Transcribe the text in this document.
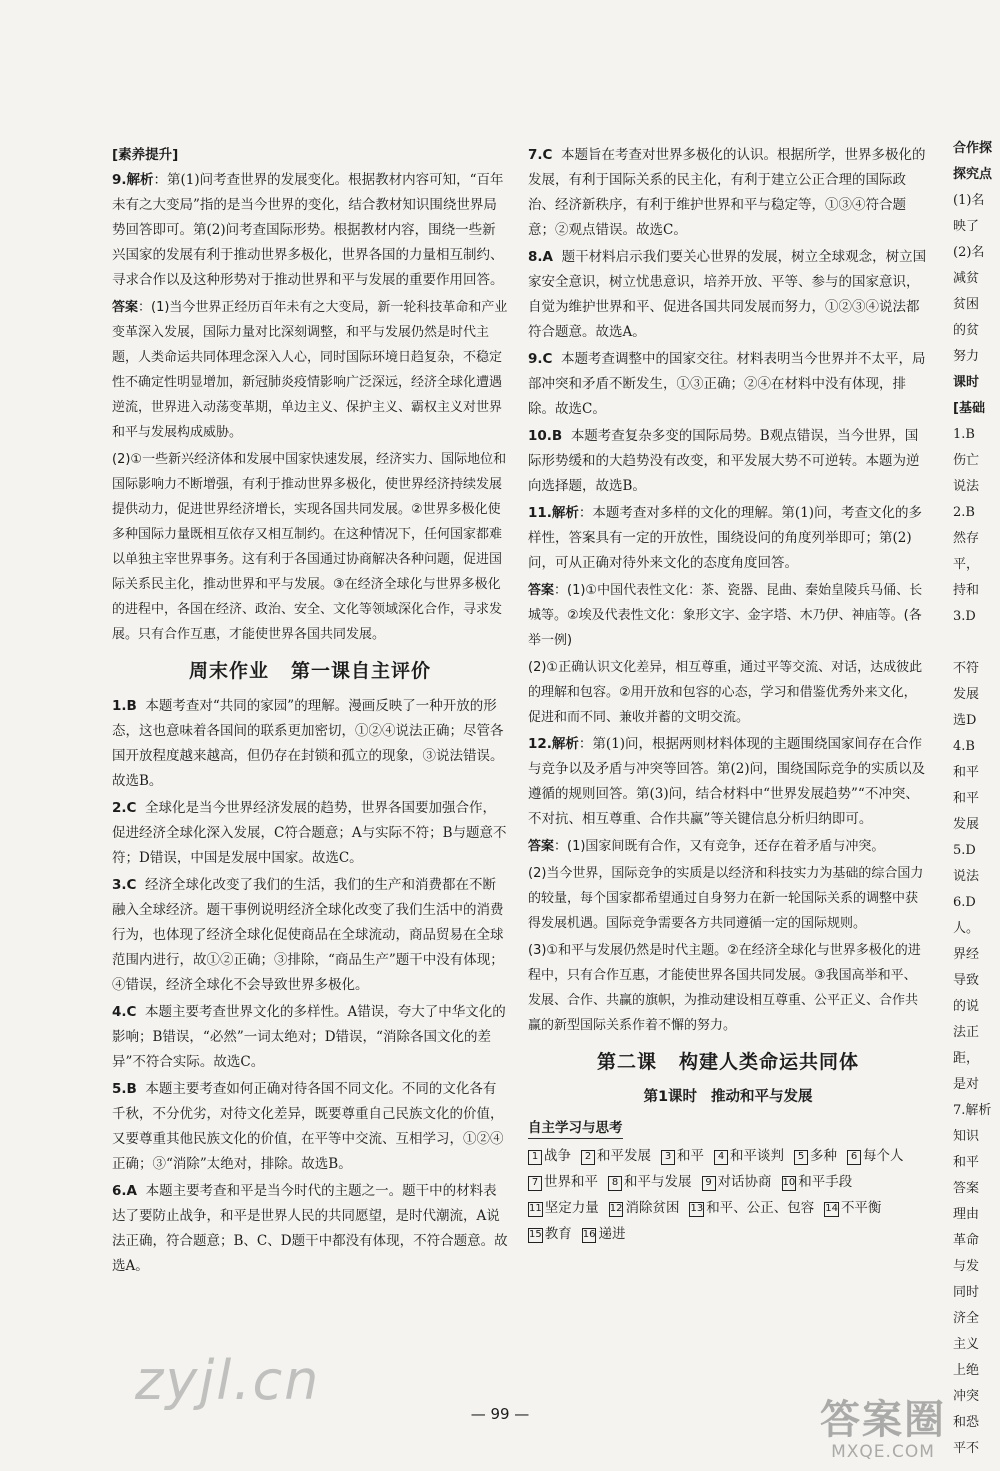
[素养提升]
9.解析：第(1)问考查世界的发展变化。根据教材内容可知，“百年未有之大变局”指的是当今世界的变化，结合教材知识围绕世界局势回答即可。第(2)问考查国际形势。根据教材内容，围绕一些新兴国家的发展有利于推动世界多极化，世界各国的力量相互制约、寻求合作以及这种形势对于推动世界和平与发展的重要作用回答。
答案：(1)当今世界正经历百年未有之大变局，新一轮科技革命和产业变革深入发展，国际力量对比深刻调整，和平与发展仍然是时代主题，人类命运共同体理念深入人心，同时国际环境日趋复杂，不稳定性不确定性明显增加，新冠肺炎疫情影响广泛深远，经济全球化遭遇逆流，世界进入动荡变革期，单边主义、保护主义、霸权主义对世界和平与发展构成威胁。
(2)①一些新兴经济体和发展中国家快速发展，经济实力、国际地位和国际影响力不断增强，有利于推动世界多极化，使世界经济持续发展提供动力，促进世界经济增长，实现各国共同发展。②世界多极化使多种国际力量既相互依存又相互制约。在这种情况下，任何国家都难以单独主宰世界事务。这有利于各国通过协商解决各种问题，促进国际关系民主化，推动世界和平与发展。③在经济全球化与世界多极化的进程中，各国在经济、政治、安全、文化等领域深化合作，寻求发展。只有合作互惠，才能使世界各国共同发展。
周末作业 第一课自主评价
1.B 本题考查对“共同的家园”的理解。漫画反映了一种开放的形态，这也意味着各国间的联系更加密切，①②④说法正确；尽管各国开放程度越来越高，但仍存在封锁和孤立的现象，③说法错误。故选B。
2.C 全球化是当今世界经济发展的趋势，世界各国要加强合作，促进经济全球化深入发展，C符合题意；A与实际不符；B与题意不符；D错误，中国是发展中国家。故选C。
3.C 经济全球化改变了我们的生活，我们的生产和消费都在不断融入全球经济。题干事例说明经济全球化改变了我们生活中的消费行为，也体现了经济全球化促使商品在全球流动，商品贸易在全球范围内进行，故①②正确；③排除，“商品生产”题干中没有体现；④错误，经济全球化不会导致世界多极化。
4.C 本题主要考查世界文化的多样性。A错误，夸大了中华文化的影响；B错误，“必然”一词太绝对；D错误，“消除各国文化的差异”不符合实际。故选C。
5.B 本题主要考查如何正确对待各国不同文化。不同的文化各有千秋，不分优劣，对待文化差异，既要尊重自己民族文化的价值，又要尊重其他民族文化的价值，在平等中交流、互相学习，①②④正确；③“消除”太绝对，排除。故选B。
6.A 本题主要考查和平是当今时代的主题之一。题干中的材料表达了要防止战争，和平是世界人民的共同愿望，是时代潮流，A说法正确，符合题意；B、C、D题干中都没有体现，不符合题意。故选A。
7.C 本题旨在考查对世界多极化的认识。根据所学，世界多极化的发展，有利于国际关系的民主化，有利于建立公正合理的国际政治、经济新秩序，有利于维护世界和平与稳定等，①③④符合题意；②观点错误。故选C。
8.A 题干材料启示我们要关心世界的发展，树立全球观念，树立国家安全意识，树立忧患意识，培养开放、平等、参与的国家意识，自觉为维护世界和平、促进各国共同发展而努力，①②③④说法都符合题意。故选A。
9.C 本题考查调整中的国家交往。材料表明当今世界并不太平，局部冲突和矛盾不断发生，①③正确；②④在材料中没有体现，排除。故选C。
10.B 本题考查复杂多变的国际局势。B观点错误，当今世界，国际形势缓和的大趋势没有改变，和平发展大势不可逆转。本题为逆向选择题，故选B。
11.解析：本题考查对多样的文化的理解。第(1)问，考查文化的多样性，答案具有一定的开放性，围绕设问的角度列举即可；第(2)问，可从正确对待外来文化的态度角度回答。
答案：(1)①中国代表性文化：茶、瓷器、昆曲、秦始皇陵兵马俑、长城等。②埃及代表性文化：象形文字、金字塔、木乃伊、神庙等。(各举一例)
(2)①正确认识文化差异，相互尊重，通过平等交流、对话，达成彼此的理解和包容。②用开放和包容的心态，学习和借鉴优秀外来文化，促进和而不同、兼收并蓄的文明交流。
12.解析：第(1)问，根据两则材料体现的主题围绕国家间存在合作与竞争以及矛盾与冲突等回答。第(2)问，围绕国际竞争的实质以及遵循的规则回答。第(3)问，结合材料中“世界发展趋势”“不冲突、不对抗、相互尊重、合作共赢”等关键信息分析归纳即可。
答案：(1)国家间既有合作，又有竞争，还存在着矛盾与冲突。
(2)当今世界，国际竞争的实质是以经济和科技实力为基础的综合国力的较量，每个国家都希望通过自身努力在新一轮国际关系的调整中获得发展机遇。国际竞争需要各方共同遵循一定的国际规则。
(3)①和平与发展仍然是时代主题。②在经济全球化与世界多极化的进程中，只有合作互惠，才能使世界各国共同发展。③我国高举和平、发展、合作、共赢的旗帜，为推动建设相互尊重、公平正义、合作共赢的新型国际关系作着不懈的努力。
第二课 构建人类命运共同体
第1课时 推动和平与发展
自主学习与思考
1 战争 2 和平发展 3 和平 4 和平谈判 5 多种 6 每个人7 世界和平 8 和平与发展 9 对话协商 10 和平手段11 坚定力量 12 消除贫困 13 和平、公正、包容 14 不平衡15 教育 16 递进
合作探
探究点
(1)名
映了
(2)名
减贫
贫困
的贫
努力
课时
[基础
1.B
伤亡
说法
2.B
然存
平，
持和
3.D

不符
发展
选D
4.B
和平
和平
发展
5.D
说法
6.D
人。
界经
导致
的说
法正
距，
是对
7.解析
知识
和平
答案
理由
革命
与发
同时
济全
主义
上绝
冲突
和恐
平不
— 99 —
zyjl.cn
答案圈
MXQE.COM
